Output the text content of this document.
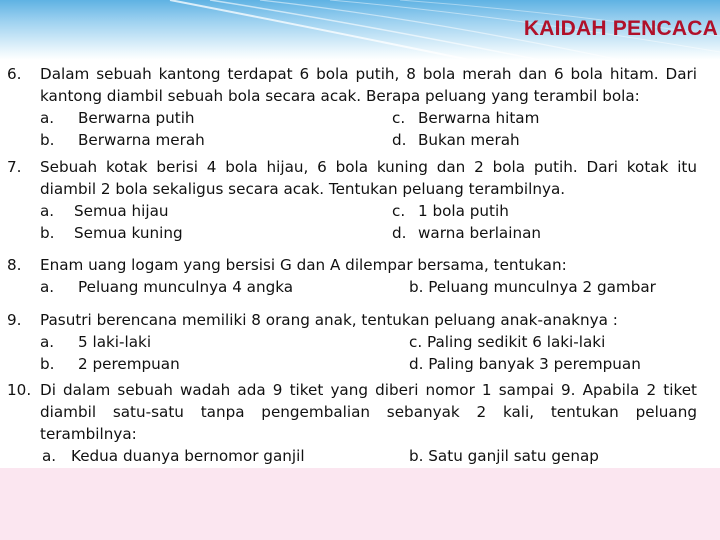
KAIDAH PENCACA
6. Dalam sebuah kantong terdapat 6 bola putih, 8 bola merah dan 6 bola hitam. Dari
kantong diambil sebuah bola secara acak. Berapa peluang yang terambil bola:
a. Berwarna putih	c. Berwarna hitam
b. Berwarna merah	d. Bukan merah
7. Sebuah kotak berisi 4 bola hijau, 6 bola kuning dan 2 bola putih. Dari kotak itu
diambil 2 bola sekaligus secara acak. Tentukan peluang terambilnya.
a. Semua hijau	c. 1 bola putih
b. Semua kuning	d. warna berlainan
8. Enam uang logam yang bersisi G dan A dilempar bersama, tentukan:
a. Peluang munculnya 4 angka	b. Peluang munculnya 2 gambar
9. Pasutri berencana memiliki 8 orang anak, tentukan peluang anak-anaknya :
a. 5 laki-laki	c. Paling sedikit 6 laki-laki
b. 2 perempuan	d. Paling banyak 3 perempuan
10. Di dalam sebuah wadah ada 9 tiket yang diberi nomor 1 sampai 9. Apabila 2 tiket
diambil satu-satu tanpa pengembalian sebanyak 2 kali, tentukan peluang
terambilnya:
a. Kedua duanya bernomor ganjil	b. Satu ganjil satu genap
